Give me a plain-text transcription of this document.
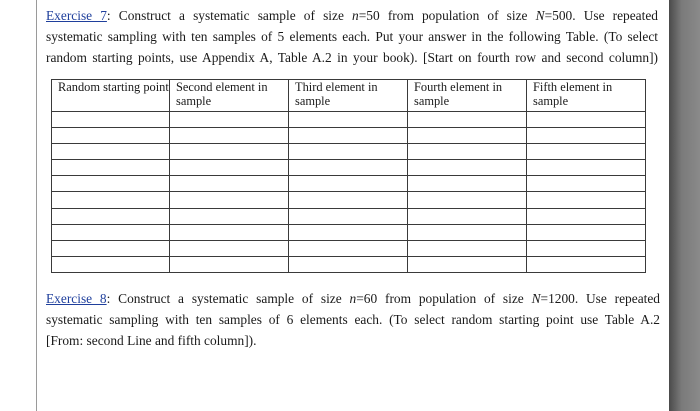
Exercise 7: Construct a systematic sample of size n=50 from population of size N=500. Use repeated
systematic sampling with ten samples of 5 elements each. Put your answer in the following Table. (To select
random starting points, use Appendix A, Table A.2 in your book). [Start on fourth row and second column])
Random starting point	Second element in sample	Third element in sample	Fourth element in sample	Fifth element in sample

Exercise 8: Construct a systematic sample of size n=60 from population of size N=1200. Use repeated
systematic sampling with ten samples of 6 elements each. (To select random starting point use Table A.2
[From: second Line and fifth column]).
